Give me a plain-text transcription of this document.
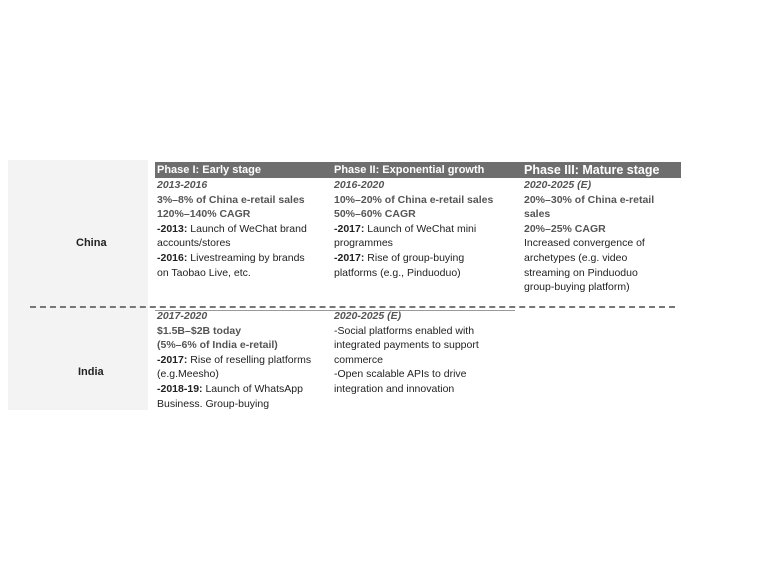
Phase I: Early stage	Phase II: Exponential growth	Phase III: Mature stage
China
India
2013-2016
3%–8% of China e-retail sales
120%–140% CAGR
-2013: Launch of WeChat brand
accounts/stores
-2016: Livestreaming by brands
on Taobao Live, etc.
2016-2020
10%–20% of China e-retail sales
50%–60% CAGR
-2017: Launch of WeChat mini
programmes
-2017: Rise of group-buying
platforms (e.g., Pinduoduo)
2020-2025 (E)
20%–30% of China e-retail
sales
20%–25% CAGR
Increased convergence of
archetypes (e.g. video
streaming on Pinduoduo
group-buying platform)
2017-2020
$1.5B–$2B today
(5%–6% of India e-retail)
-2017: Rise of reselling platforms
(e.g.Meesho)
-2018-19: Launch of WhatsApp
Business. Group-buying
2020-2025 (E)
-Social platforms enabled with
integrated payments to support
commerce
-Open scalable APIs to drive
integration and innovation
